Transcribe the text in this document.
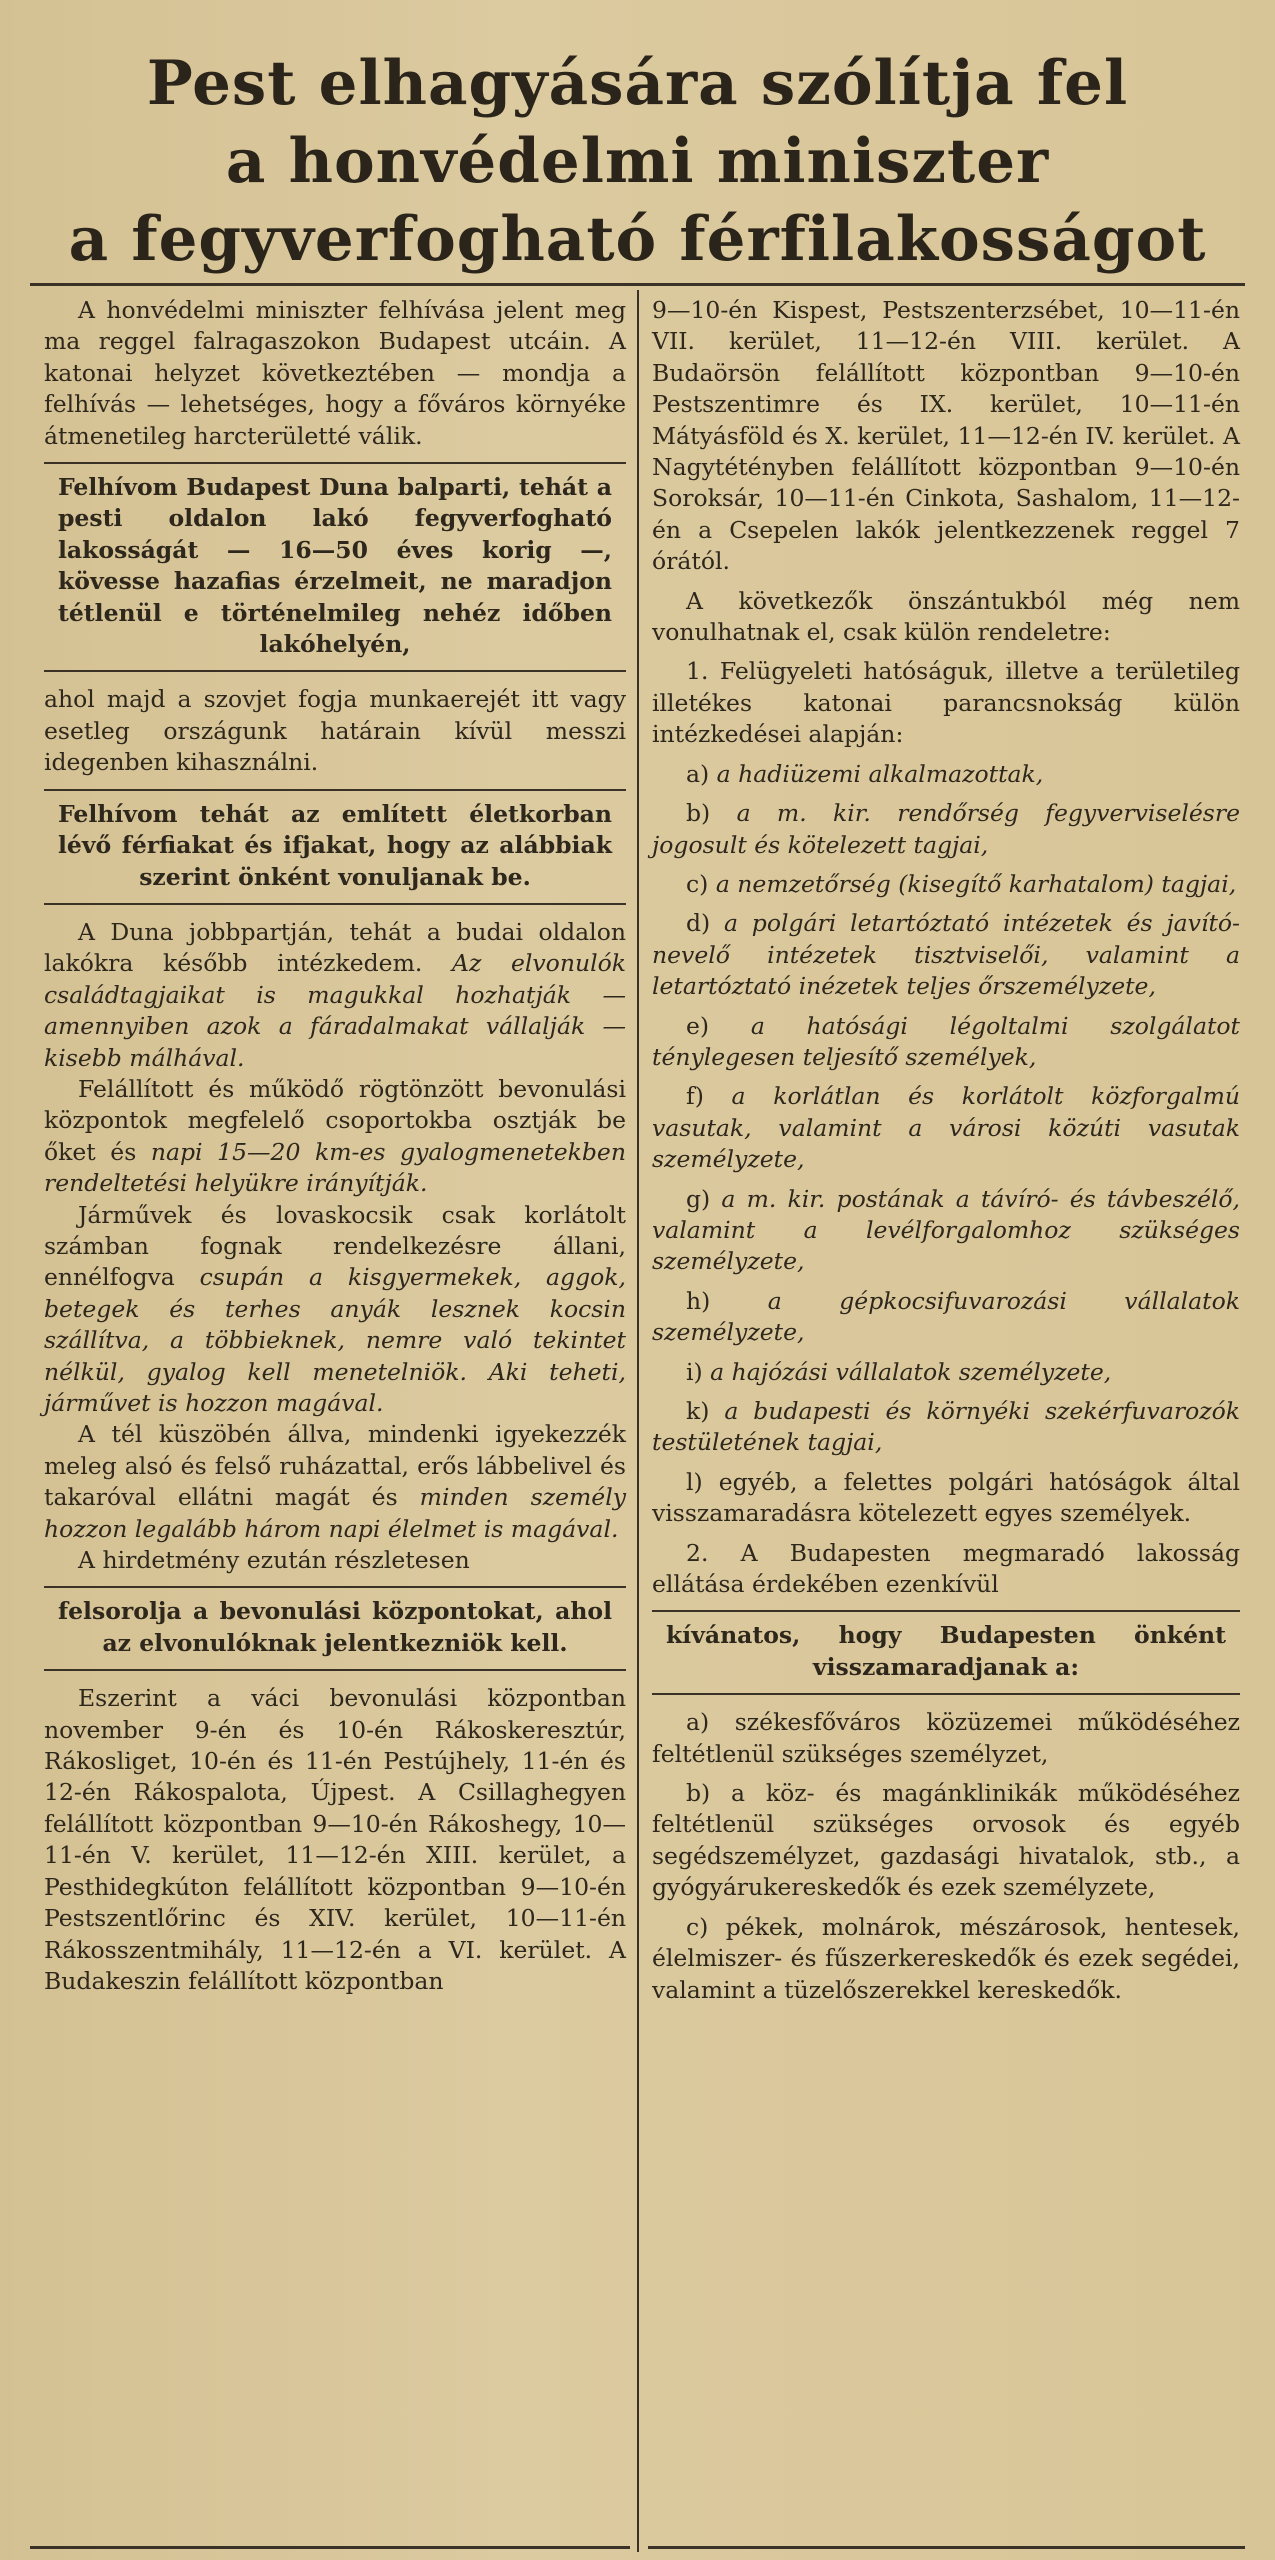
Pest elhagyására szólítja fel
a honvédelmi miniszter
a fegyverfogható férfilakosságot

A honvédelmi miniszter felhívása jelent meg ma reggel falragaszokon Budapest utcáin. A katonai helyzet következtében — mondja a felhívás — lehetséges, hogy a főváros környéke átmenetileg harcterületté válik.

Felhívom Budapest Duna balparti, tehát a pesti oldalon lakó fegyverfogható lakosságát — 16—50 éves korig —, kövesse hazafias érzelmeit, ne maradjon tétlenül e történelmileg nehéz időben lakóhelyén,

ahol majd a szovjet fogja munkaerejét itt vagy esetleg országunk határain kívül messzi idegenben kihasználni.

Felhívom tehát az említett életkorban lévő férfiakat és ifjakat, hogy az alábbiak szerint önként vonuljanak be.

A Duna jobbpartján, tehát a budai oldalon lakókra később intézkedem. Az elvonulók családtagjaikat is magukkal hozhatják — amennyiben azok a fáradalmakat vállalják — kisebb málhával.

Felállított és működő rögtönzött bevonulási központok megfelelő csoportokba osztják be őket és napi 15—20 km-es gyalogmenetekben rendeltetési helyükre irányítják.

Járművek és lovaskocsik csak korlátolt számban fognak rendelkezésre állani, ennélfogva csupán a kisgyermekek, aggok, betegek és terhes anyák lesznek kocsin szállítva, a többieknek, nemre való tekintet nélkül, gyalog kell menetelniök. Aki teheti, járművet is hozzon magával.

A tél küszöbén állva, mindenki igyekezzék meleg alsó és felső ruházattal, erős lábbelivel és takaróval ellátni magát és minden személy hozzon legalább három napi élelmet is magával.

A hirdetmény ezután részletesen

felsorolja a bevonulási központokat, ahol az elvonulóknak jelentkezniök kell.

Eszerint a váci bevonulási központban november 9-én és 10-én Rákoskeresztúr, Rákosliget, 10-én és 11-én Pestújhely, 11-én és 12-én Rákospalota, Újpest. A Csillaghegyen felállított központban 9—10-én Rákoshegy, 10—11-én V. kerület, 11—12-én XIII. kerület, a Pesthidegkúton felállított központban 9—10-én Pestszentlőrinc és XIV. kerület, 10—11-én Rákosszentmihály, 11—12-én a VI. kerület. A Budakeszin felállított központban

9—10-én Kispest, Pestszenterzsébet, 10—11-én VII. kerület, 11—12-én VIII. kerület. A Budaörsön felállított központban 9—10-én Pestszentimre és IX. kerület, 10—11-én Mátyásföld és X. kerület, 11—12-én IV. kerület. A Nagytétényben felállított központban 9—10-én Soroksár, 10—11-én Cinkota, Sashalom, 11—12-én a Csepelen lakók jelentkezzenek reggel 7 órától.

A következők önszántukból még nem vonulhatnak el, csak külön rendeletre:

1. Felügyeleti hatóságuk, illetve a területileg illetékes katonai parancsnokság külön intézkedései alapján:

a) a hadiüzemi alkalmazottak,

b) a m. kir. rendőrség fegyverviselésre jogosult és kötelezett tagjai,

c) a nemzetőrség (kisegítő karhatalom) tagjai,

d) a polgári letartóztató intézetek és javító-nevelő intézetek tisztviselői, valamint a letartóztató inézetek teljes őrszemélyzete,

e) a hatósági légoltalmi szolgálatot ténylegesen teljesítő személyek,

f) a korlátlan és korlátolt közforgalmú vasutak, valamint a városi közúti vasutak személyzete,

g) a m. kir. postának a távíró- és távbeszélő, valamint a levélforgalomhoz szükséges személyzete,

h) a gépkocsifuvarozási vállalatok személyzete,

i) a hajózási vállalatok személyzete,

k) a budapesti és környéki szekérfuvarozók testületének tagjai,

l) egyéb, a felettes polgári hatóságok által visszamaradásra kötelezett egyes személyek.

2. A Budapesten megmaradó lakosság ellátása érdekében ezenkívül

kívánatos, hogy Budapesten önként visszamaradjanak a:

a) székesfőváros közüzemei működéséhez feltétlenül szükséges személyzet,

b) a köz- és magánklinikák működéséhez feltétlenül szükséges orvosok és egyéb segédszemélyzet, gazdasági hivatalok, stb., a gyógyárukereskedők és ezek személyzete,

c) pékek, molnárok, mészárosok, hentesek, élelmiszer- és fűszerkereskedők és ezek segédei, valamint a tüzelőszerekkel kereskedők.
